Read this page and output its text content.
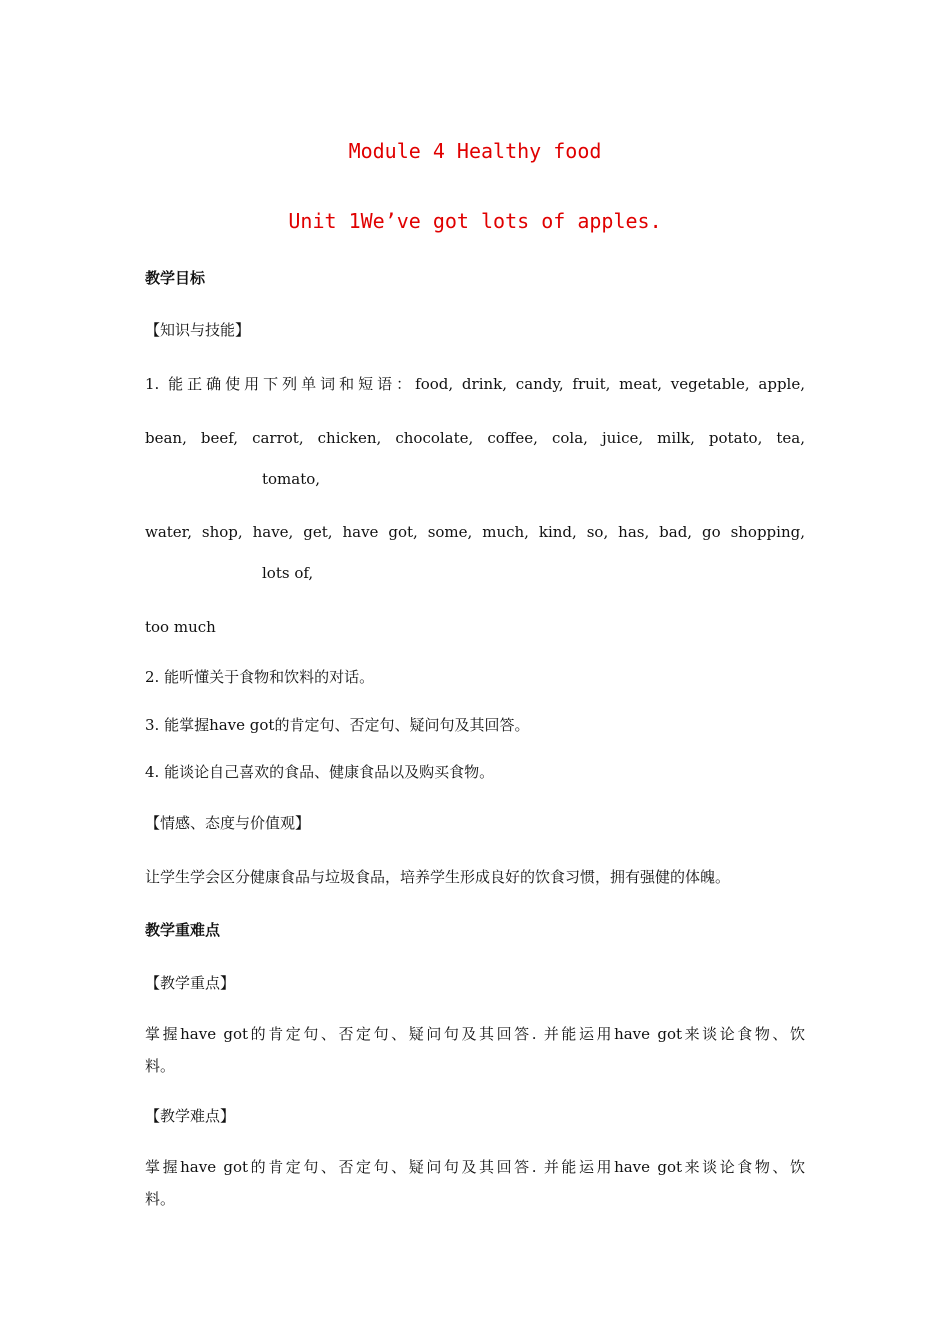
Module 4 Healthy food
Unit 1We’ve got lots of apples.
教学目标
【知识与技能】
1. 能正确使用下列单词和短语：food, drink, candy, fruit, meat, vegetable, apple,
bean, beef, carrot, chicken, chocolate, coffee, cola, juice, milk, potato, tea,
tomato,
water, shop, have, get, have got, some, much, kind, so, has, bad, go shopping,
lots of,
too much
2. 能听懂关于食物和饮料的对话。
3. 能掌握have got的肯定句、否定句、疑问句及其回答。
4. 能谈论自己喜欢的食品、健康食品以及购买食物。
【情感、态度与价值观】
让学生学会区分健康食品与垃圾食品，培养学生形成良好的饮食习惯，拥有强健的体魄。
教学重难点
【教学重点】
掌握have got的肯定句、否定句、疑问句及其回答. 并能运用have got来谈论食物、饮
料。
【教学难点】
掌握have got的肯定句、否定句、疑问句及其回答. 并能运用have got来谈论食物、饮
料。
